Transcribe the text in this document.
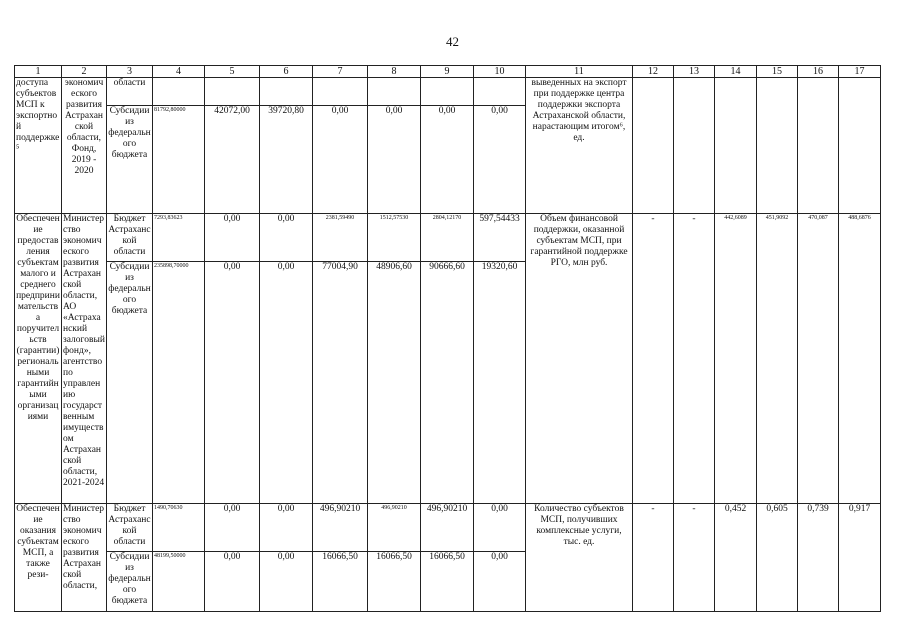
42
1	2	3	4	5	6	7	8	9	10	11	12	13	14	15	16	17
доступа субъектов МСП к экспортной поддержке⁵	экономического развития Астраханской области, Фонд, 2019 - 2020	области								выведенных на экспорт при поддержке центра поддержки экспорта Астраханской области, нарастающим итогом⁶, ед.						
		Субсидии из федерального бюджета	81792,80000	42072,00	39720,80	0,00	0,00	0,00	0,00							
Обеспечение предоставления субъектам малого и среднего предпринимательства поручительств (гарантии) региональными гарантийными организациями	Министерство экономического развития Астраханской области, АО «Астраханский залоговый фонд», агентство по управлению государственным имуществом Астраханской области, 2021-2024	Бюджет Астраханской области	7293,83623	0,00	0,00	2381,59490	1512,57530	2804,12170	597,54433	Объем финансовой поддержки, оказанной субъектам МСП, при гарантийной поддержке РГО, млн руб.	-	-	442,6089	451,9092	470,087	488,6876
		Субсидии из федерального бюджета	235898,70000	0,00	0,00	77004,90	48906,60	90666,60	19320,60							
Обеспечение оказания субъектам МСП, а также рези-	Министерство экономического развития Астраханской области,	Бюджет Астраханской области	1490,70630	0,00	0,00	496,90210	496,90210	496,90210	0,00	Количество субъектов МСП, получивших комплексные услуги, тыс. ед.	-	-	0,452	0,605	0,739	0,917
		Субсидии из федерального бюджета	48199,50000	0,00	0,00	16066,50	16066,50	16066,50	0,00							
